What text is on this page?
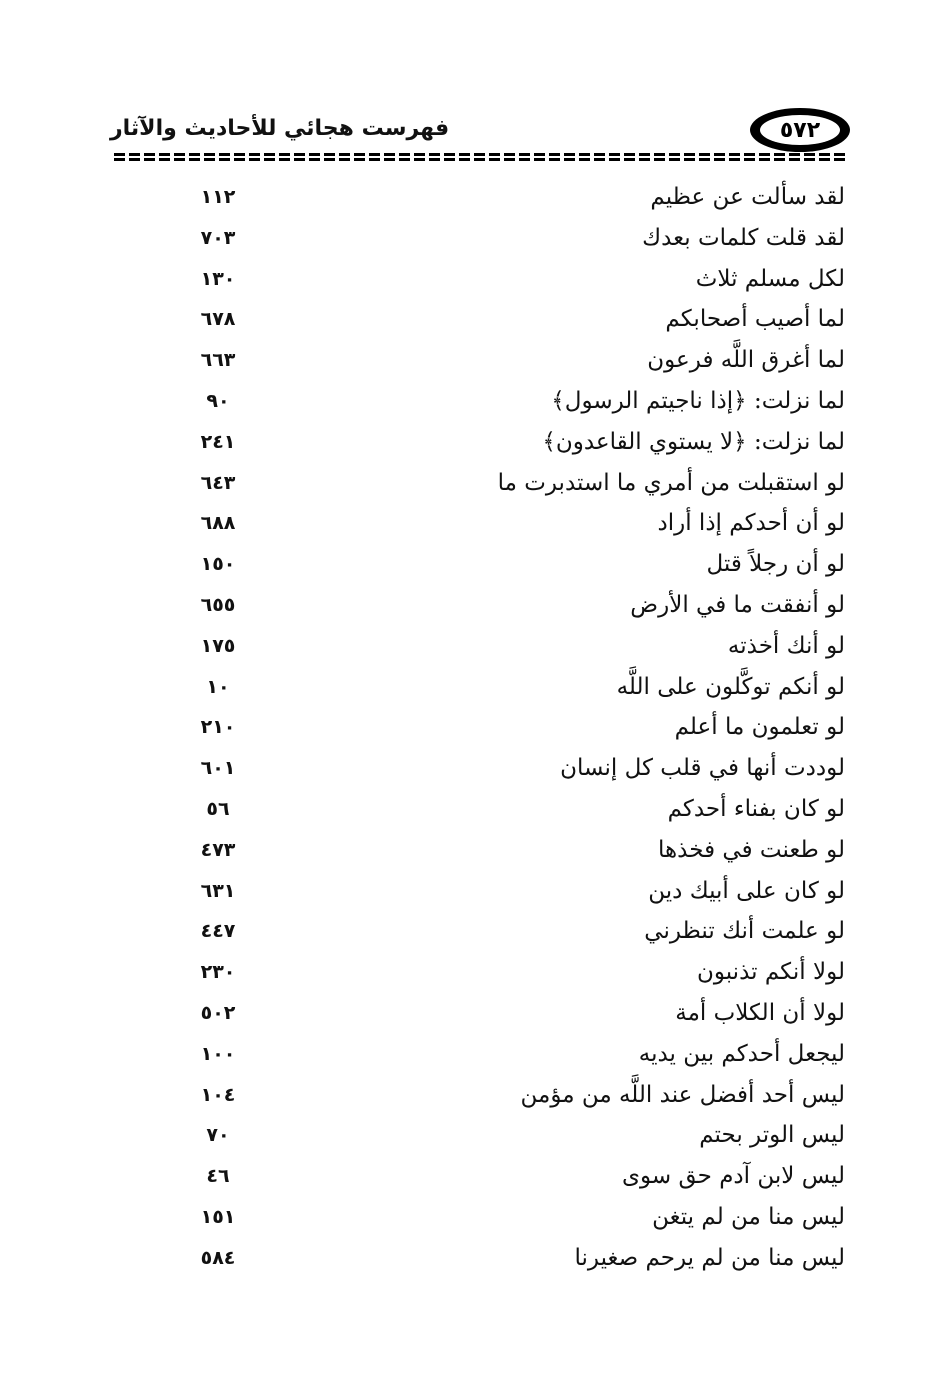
فهرست هجائي للأحاديث والآثار	٥٧٢
لقد سألت عن عظيم
١١٢
لقد قلت كلمات بعدك
٧٠٣
لكل مسلم ثلاث
١٣٠
لما أصيب أصحابكم
٦٧٨
لما أغرق اللَّه فرعون
٦٦٣
لما نزلت: ﴿إذا ناجيتم الرسول﴾
٩٠
لما نزلت: ﴿لا يستوي القاعدون﴾
٢٤١
لو استقبلت من أمري ما استدبرت ما
٦٤٣
لو أن أحدكم إذا أراد
٦٨٨
لو أن رجلاً قتل
١٥٠
لو أنفقت ما في الأرض
٦٥٥
لو أنك أخذته
١٧٥
لو أنكم توكَّلون على اللَّه
١٠
لو تعلمون ما أعلم
٢١٠
لوددت أنها في قلب كل إنسان
٦٠١
لو كان بفناء أحدكم
٥٦
لو طعنت في فخذها
٤٧٣
لو كان على أبيك دين
٦٣١
لو علمت أنك تنظرني
٤٤٧
لولا أنكم تذنبون
٢٣٠
لولا أن الكلاب أمة
٥٠٢
ليجعل أحدكم بين يديه
١٠٠
ليس أحد أفضل عند اللَّه من مؤمن
١٠٤
ليس الوتر بحتم
٧٠
ليس لابن آدم حق سوى
٤٦
ليس منا من لم يتغن
١٥١
ليس منا من لم يرحم صغيرنا
٥٨٤
